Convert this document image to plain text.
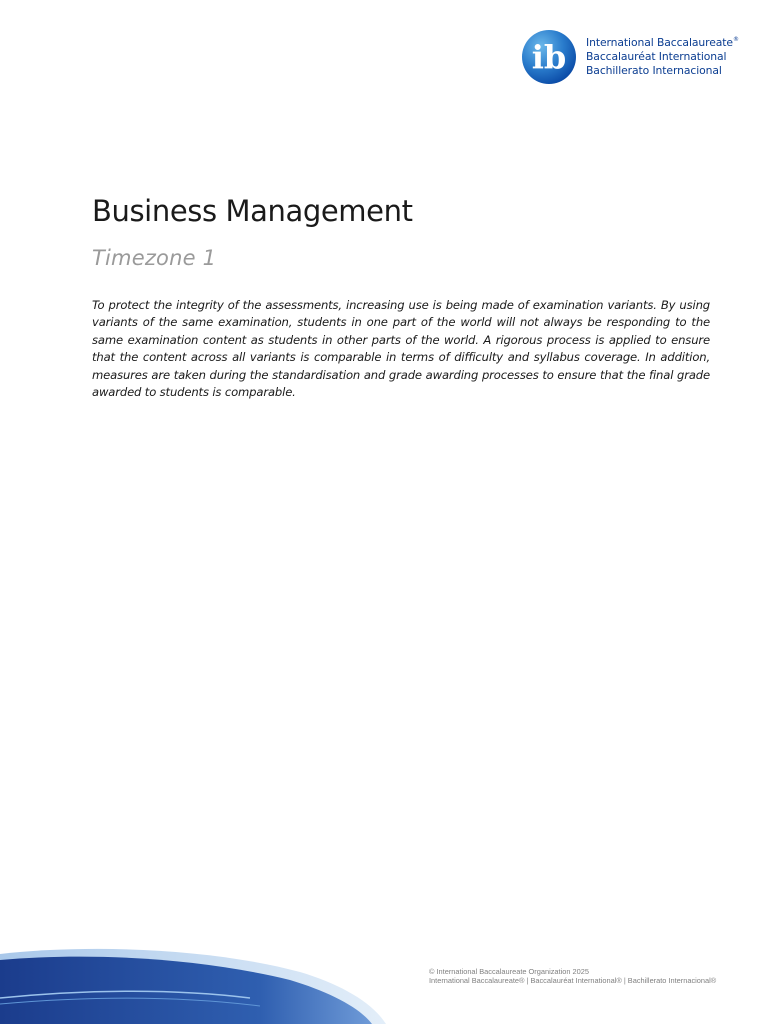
ib International Baccalaureate®
Baccalauréat International
Bachillerato Internacional
Business Management
Timezone 1

To protect the integrity of the assessments, increasing use is being made of examination variants. By using variants of the same examination, students in one part of the world will not always be responding to the same examination content as students in other parts of the world. A rigorous process is applied to ensure that the content across all variants is comparable in terms of difficulty and syllabus coverage. In addition, measures are taken during the standardisation and grade awarding processes to ensure that the final grade awarded to students is comparable.

© International Baccalaureate Organization 2025
International Baccalaureate® | Baccalauréat International® | Bachillerato Internacional®
